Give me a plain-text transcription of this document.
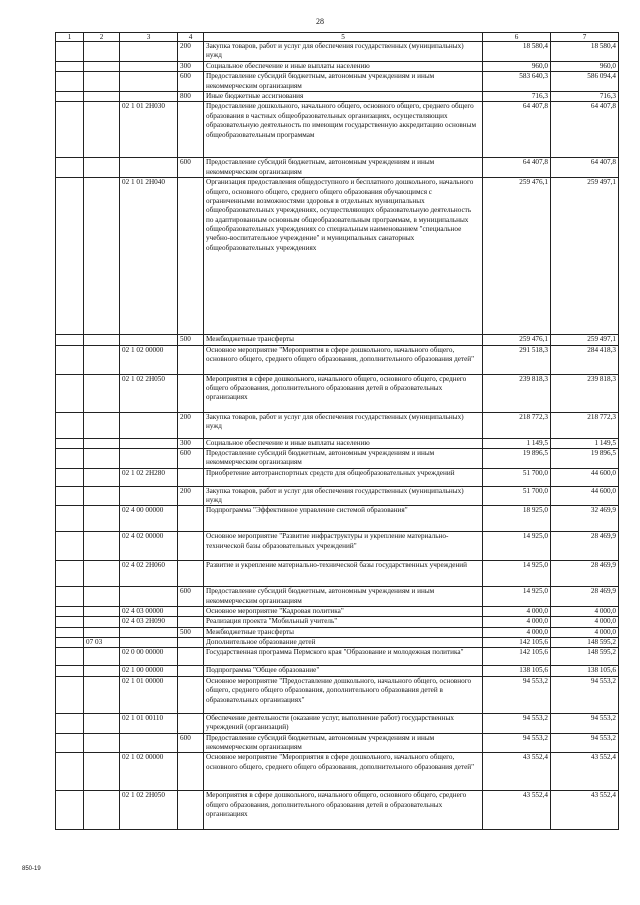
28
1	2	3	4	5	6	7
			200	Закупка товаров, работ и услуг для обеспечения государственных (муниципальных) нужд	18 580,4	18 580,4
			300	Социальное обеспечение и иные выплаты населению	960,0	960,0
			600	Предоставление субсидий бюджетным, автономным учреждениям и иным некоммерческим организациям	583 640,3	586 094,4
			800	Иные бюджетные ассигнования	716,3	716,3
		02 1 01 2Н030		Предоставление дошкольного, начального общего, основного общего, среднего общего образования в частных общеобразовательных организациях, осуществляющих образовательную деятельность по имеющим государственную аккредитацию основным общеобразовательным программам	64 407,8	64 407,8
			600	Предоставление субсидий бюджетным, автономным учреждениям и иным некоммерческим организациям	64 407,8	64 407,8
		02 1 01 2Н040		Организация предоставления общедоступного и бесплатного дошкольного, начального общего, основного общего, среднего общего образования обучающимся с ограниченными возможностями здоровья в отдельных муниципальных общеобразовательных учреждениях, осуществляющих образовательную деятельность по адаптированным основным общеобразовательным программам, в муниципальных общеобразовательных учреждениях со специальным наименованием "специальное учебно-воспитательное учреждение" и муниципальных санаторных общеобразовательных учреждениях	259 476,1	259 497,1
			500	Межбюджетные трансферты	259 476,1	259 497,1
		02 1 02 00000		Основное мероприятие "Мероприятия в сфере дошкольного, начального общего, основного общего, среднего общего образования, дополнительного образования детей"	291 518,3	284 418,3
		02 1 02 2Н050		Мероприятия в сфере дошкольного, начального общего, основного общего, среднего общего образования, дополнительного образования детей в образовательных организациях	239 818,3	239 818,3
			200	Закупка товаров, работ и услуг для обеспечения государственных (муниципальных) нужд	218 772,3	218 772,3
			300	Социальное обеспечение и иные выплаты населению	1 149,5	1 149,5
			600	Предоставление субсидий бюджетным, автономным учреждениям и иным некоммерческим организациям	19 896,5	19 896,5
		02 1 02 2Н280		Приобретение автотранспортных средств для общеобразовательных учреждений	51 700,0	44 600,0
			200	Закупка товаров, работ и услуг для обеспечения государственных (муниципальных) нужд	51 700,0	44 600,0
		02 4 00 00000		Подпрограмма "Эффективное управление системой образования"	18 925,0	32 469,9
		02 4 02 00000		Основное мероприятие "Развитие инфраструктуры и укрепление материально-технической базы образовательных учреждений"	14 925,0	28 469,9
		02 4 02 2Н060		Развитие и укрепление материально-технической базы государственных учреждений	14 925,0	28 469,9
			600	Предоставление субсидий бюджетным, автономным учреждениям и иным некоммерческим организациям	14 925,0	28 469,9
		02 4 03 00000		Основное мероприятие "Кадровая политика"	4 000,0	4 000,0
		02 4 03 2Н090		Реализация проекта "Мобильный учитель"	4 000,0	4 000,0
			500	Межбюджетные трансферты	4 000,0	4 000,0
	07 03			Дополнительное образование детей	142 105,6	148 595,2
		02 0 00 00000		Государственная программа Пермского края "Образование и молодежная политика"	142 105,6	148 595,2
		02 1 00 00000		Подпрограмма "Общее образование"	138 105,6	138 105,6
		02 1 01 00000		Основное мероприятие "Предоставление дошкольного, начального общего, основного общего, среднего общего образования, дополнительного образования детей в образовательных организациях"	94 553,2	94 553,2
		02 1 01 00110		Обеспечение деятельности (оказание услуг, выполнение работ) государственных учреждений (организаций)	94 553,2	94 553,2
			600	Предоставление субсидий бюджетным, автономным учреждениям и иным некоммерческим организациям	94 553,2	94 553,2
		02 1 02 00000		Основное мероприятие "Мероприятия в сфере дошкольного, начального общего, основного общего, среднего общего образования, дополнительного образования детей"	43 552,4	43 552,4
		02 1 02 2Н050		Мероприятия в сфере дошкольного, начального общего, основного общего, среднего общего образования, дополнительного образования детей в образовательных организациях	43 552,4	43 552,4
850-19
